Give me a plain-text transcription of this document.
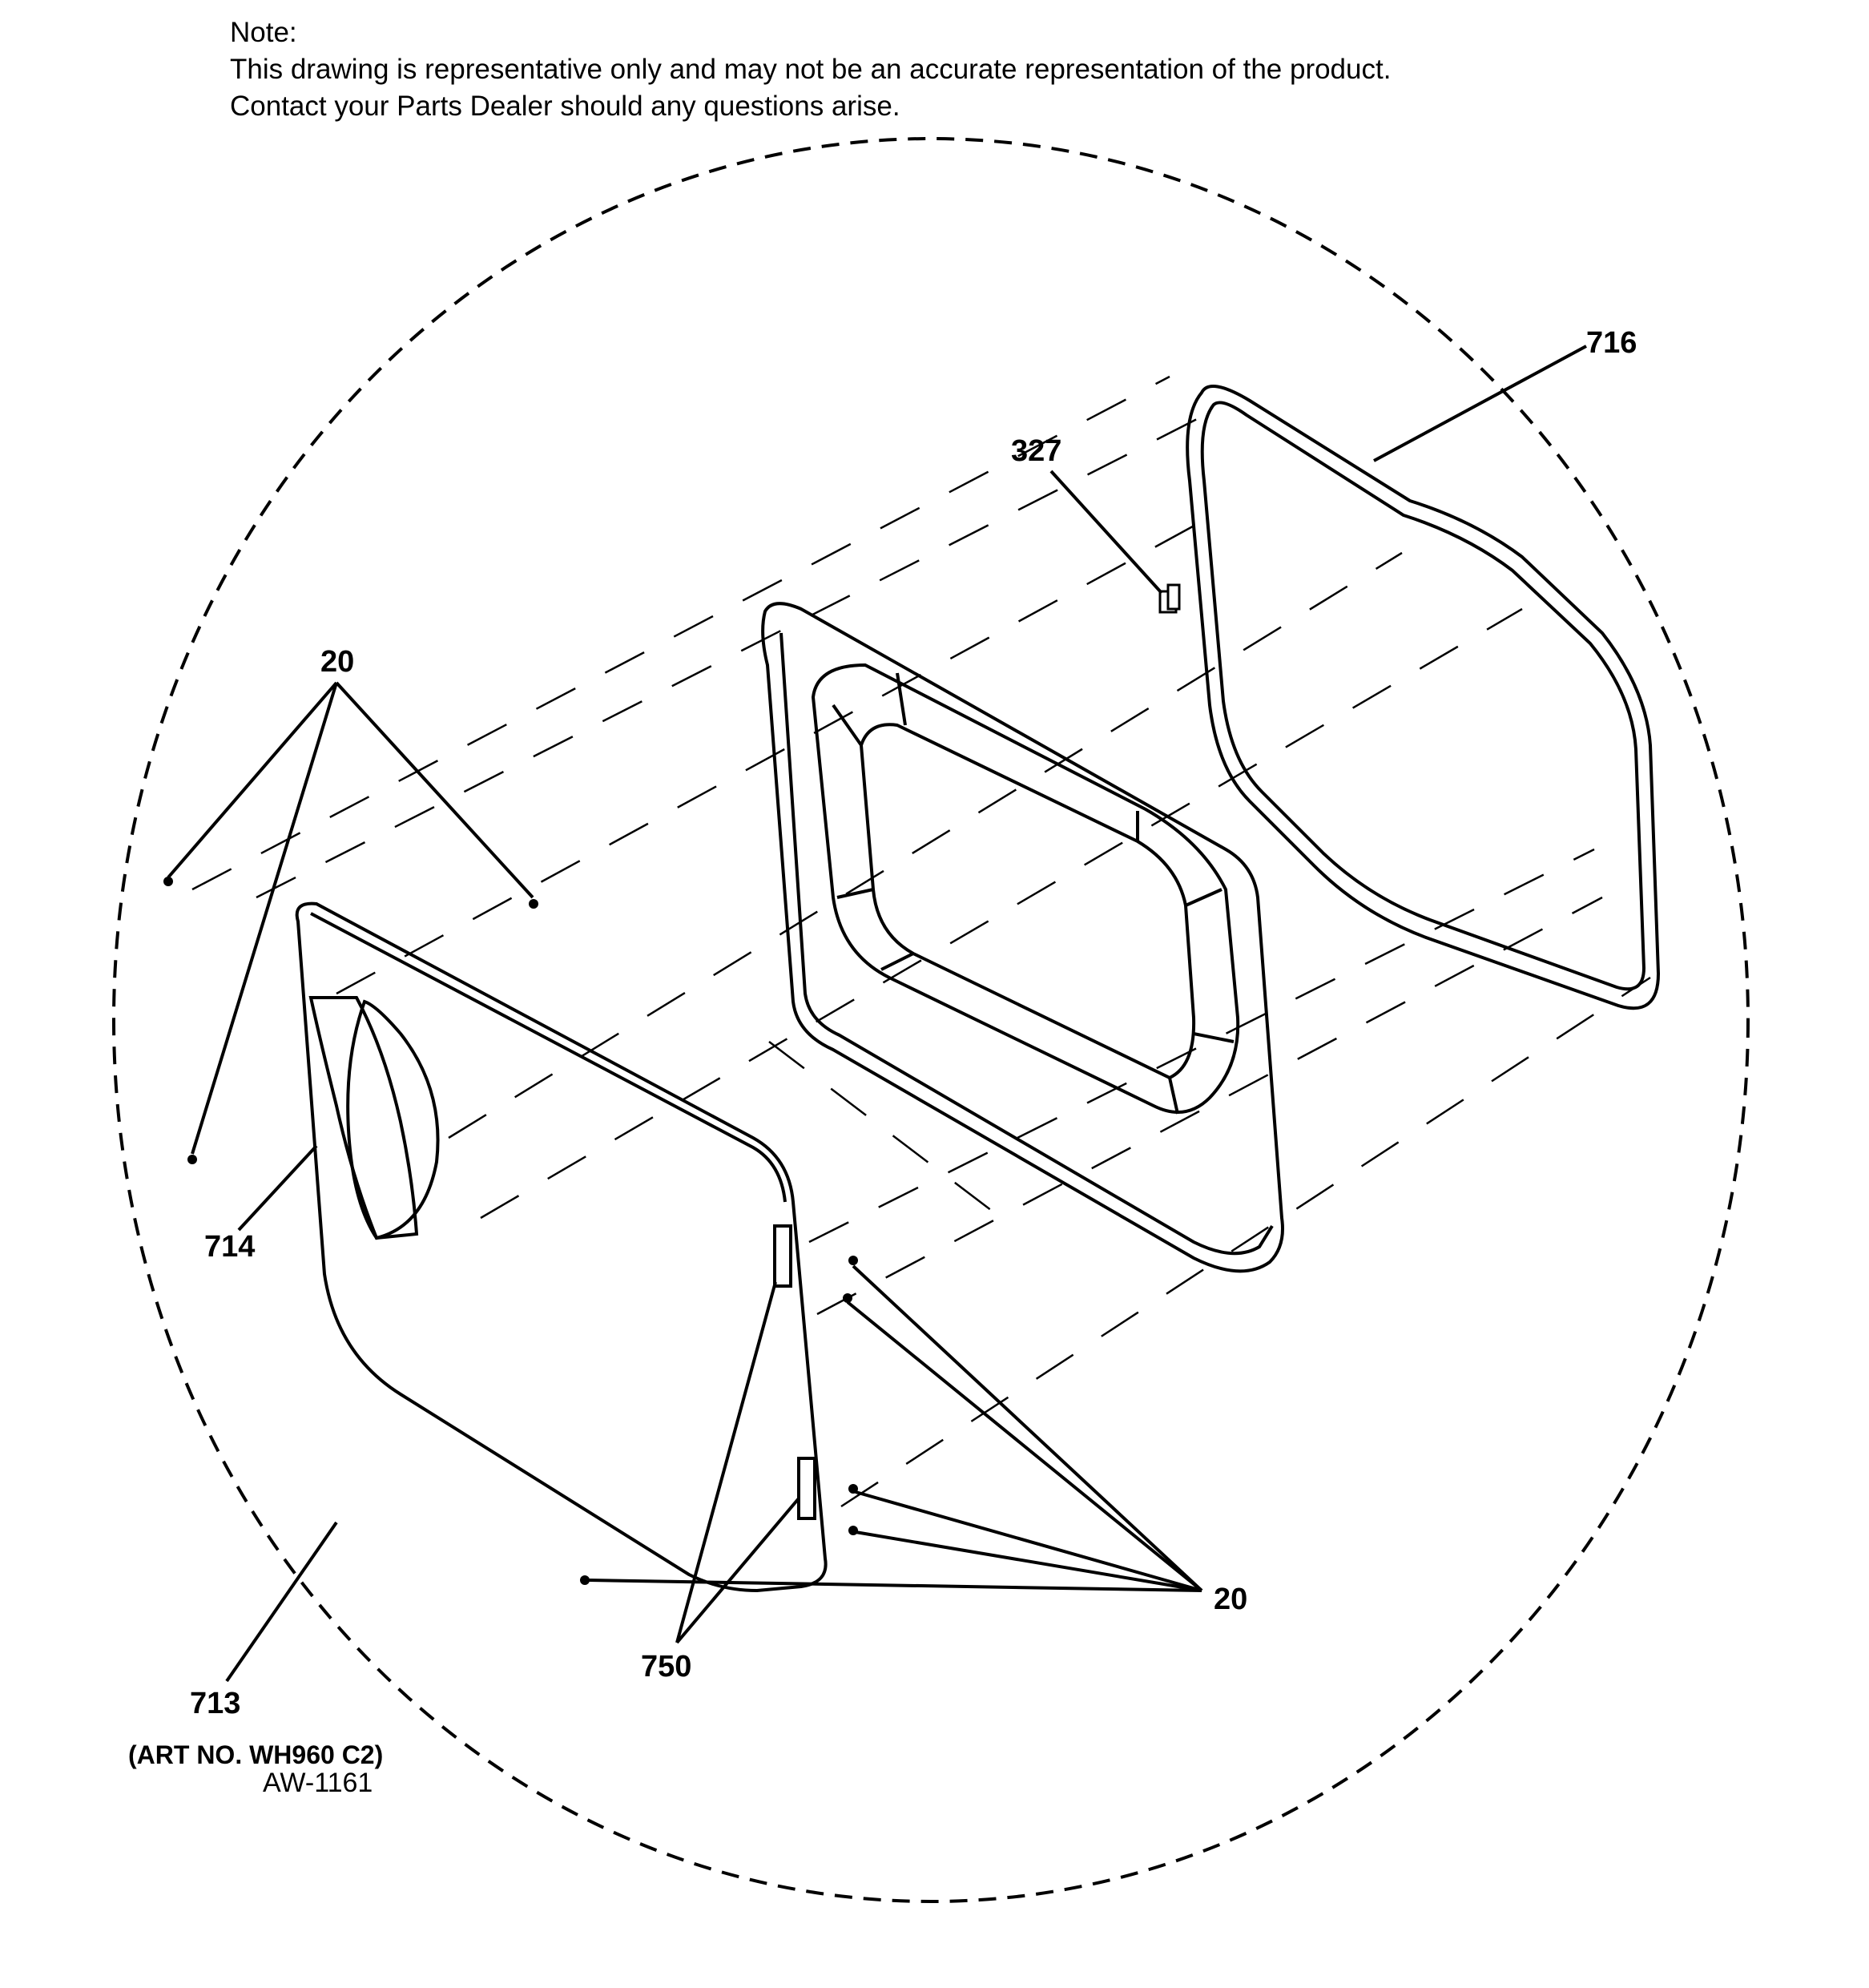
Note:
This drawing is representative only and may not be an accurate representation of the product.
Contact your Parts Dealer should any questions arise.
716
327
20
714
713
750
20
(ART NO. WH960 C2)
AW-1161
